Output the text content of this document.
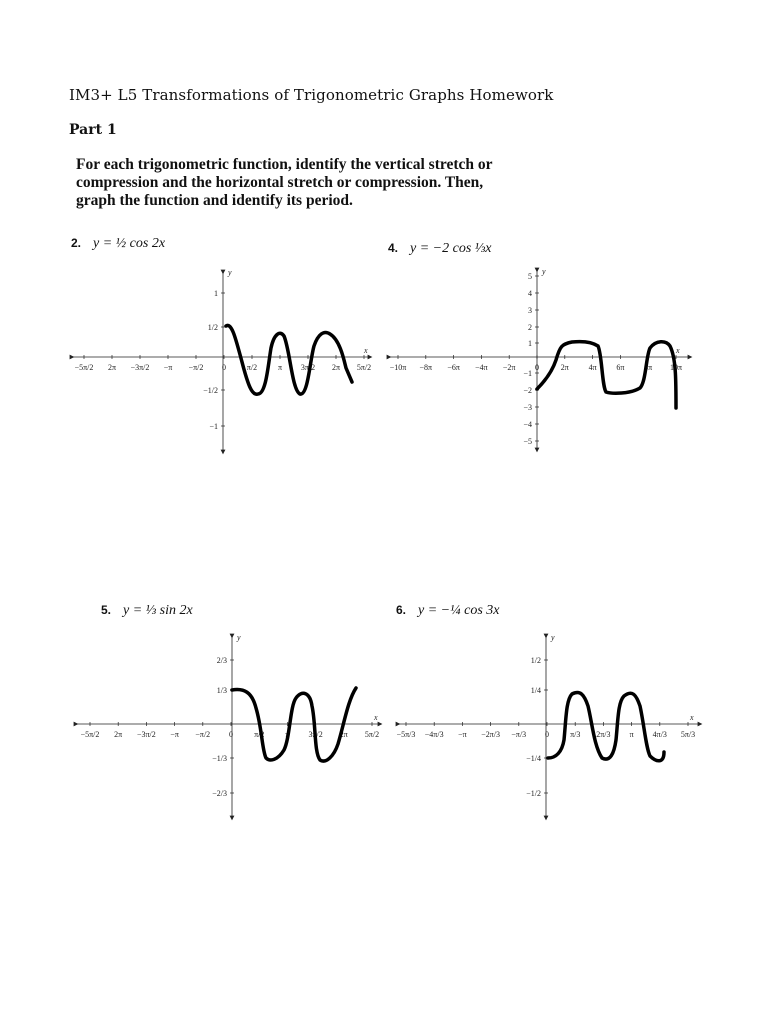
IM3+ L5 Transformations of Trigonometric Graphs Homework
Part 1
For each trigonometric function, identify the vertical stretch or compression and the horizontal stretch or compression. Then, graph the function and identify its period.
2. y = ½ cos 2x	4. y = −2 cos ⅓x
5. y = ⅓ sin 2x	6. y = −¼ cos 3x
x
y
−5π/2 2π −3π/2 −π −π/2 0	π/2	π 3π/2 2π 5π/2
1
1/2
−1/2
−1
x
y
−10π −8π −6π −4π −2π 0	2π 4π 6π 8π 10π
5
4
3
2
1
−1
−2
−3
−4
−5
x
y
−5π/2 2π −3π/2 −π −π/2 0	π/2	π 3π/2 2π 5π/2
2/3
1/3
−1/3
−2/3
x
y
−5π/3 −4π/3 −π −2π/3 −π/3 0	π/3 2π/3 π 4π/3 5π/3
1/2
1/4
−1/4
−1/2
